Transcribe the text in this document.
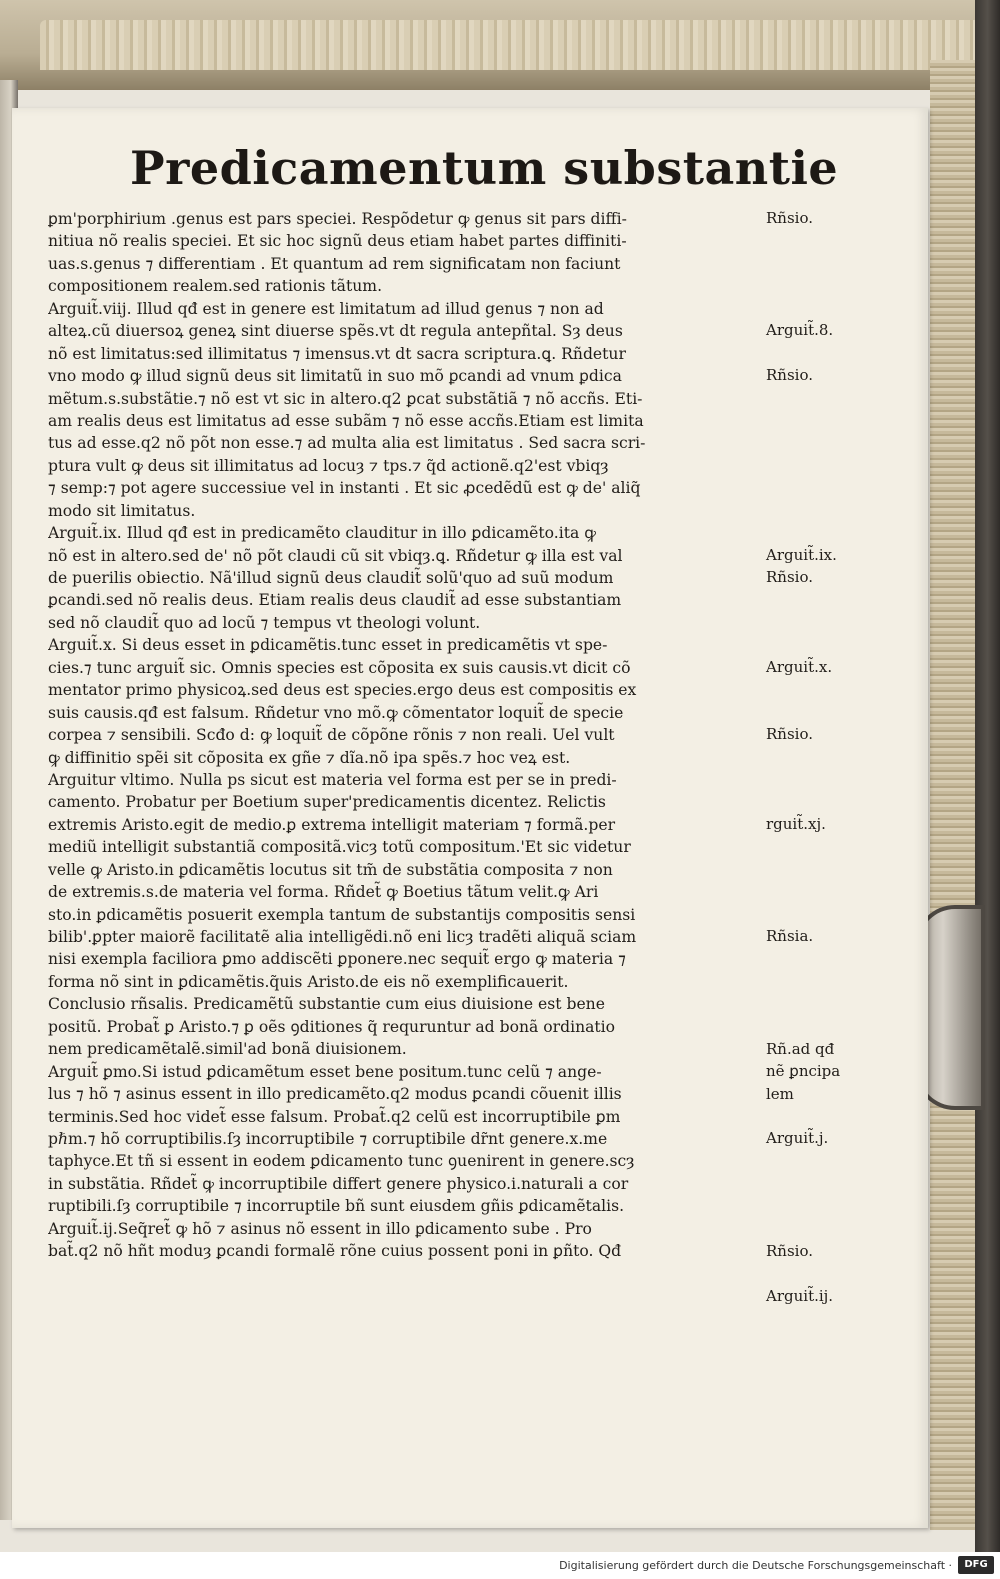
Predicamentum substantie
ꝑm'porphirium .genus est pars speciei. Respõdetur ꝙ genus sit pars diffi-
nitiua nõ realis speciei. Et sic hoc signũ deus etiam habet partes diffiniti-
uas.s.genus ⁊ differentiam . Et quantum ad rem significatam non faciunt
compositionem realem.sed rationis tãtum.
Arguit̃.viij. Illud qđ est in genere est limitatum ad illud genus ⁊ non ad
alteꝝ.cũ diuersoꝝ geneꝝ sint diuerse spẽs.vt dt regula antepñtal. Sȝ deus
nõ est limitatus:sed illimitatus ⁊ imensus.vt dt sacra scriptura.ꝗ. Rñdetur
vno modo ꝙ illud signũ deus sit limitatũ in suo mõ ꝑcandi ad vnum ꝑdica
mẽtum.s.substãtie.⁊ nõ est vt sic in altero.q2 ꝑcat substãtiã ⁊ nõ accñs. Eti-
am realis deus est limitatus ad esse subãm ⁊ nõ esse accñs.Etiam est limita
tus ad esse.q2 nõ põt non esse.⁊ ad multa alia est limitatus . Sed sacra scri-
ptura vult ꝙ deus sit illimitatus ad locuȝ ⁊ tps.⁊ q̃d actionẽ.q2'est vbiqȝ
⁊ semp:⁊ pot agere successiue vel in instanti . Et sic ꝓcedẽdũ est ꝙ de' aliq̃
modo sit limitatus.
Arguit̃.ix. Illud qđ est in predicamẽto clauditur in illo ꝑdicamẽto.ita ꝙ
nõ est in altero.sed de' nõ põt claudi cũ sit vbiqȝ.ꝗ. Rñdetur ꝙ illa est val
de puerilis obiectio. Nã'illud signũ deus claudit̃ solũ'quo ad suũ modum
ꝑcandi.sed nõ realis deus. Etiam realis deus claudit̃ ad esse substantiam
sed nõ claudit̃ quo ad locũ ⁊ tempus vt theologi volunt.
Arguit̃.x. Si deus esset in ꝑdicamẽtis.tunc esset in predicamẽtis vt spe-
cies.⁊ tunc arguit̃ sic. Omnis species est cõposita ex suis causis.vt dicit cõ
mentator primo physicoꝝ.sed deus est species.ergo deus est compositis ex
suis causis.qđ est falsum. Rñdetur vno mõ.ꝙ cõmentator loquit̃ de specie
corpea ⁊ sensibili. Scđo d: ꝙ loquit̃ de cõpõne rõnis ⁊ non reali. Uel vult
ꝙ diffinitio spẽi sit cõposita ex gñe ⁊ dĩa.nõ ipa spẽs.⁊ hoc veꝝ est.
Arguitur vltimo. Nulla ps sicut est materia vel forma est per se in predi-
camento. Probatur per Boetium super'predicamentis dicentez. Relictis
extremis Aristo.egit de medio.ꝑ extrema intelligit materiam ⁊ formã.per
mediũ intelligit substantiã compositã.vicȝ totũ compositum.'Et sic videtur
velle ꝙ Aristo.in ꝑdicamẽtis locutus sit tm̃ de substãtia composita ⁊ non
de extremis.s.de materia vel forma. Rñdet̃ ꝙ Boetius tãtum velit.ꝙ Ari
sto.in ꝑdicamẽtis posuerit exempla tantum de substantijs compositis sensi
bilib'.ꝑpter maiorẽ facilitatẽ alia intelligẽdi.nõ eni licȝ tradẽti aliquã sciam
nisi exempla faciliora ꝑmo addiscẽti ꝑponere.nec sequit̃ ergo ꝙ materia ⁊
forma nõ sint in ꝑdicamẽtis.q̃uis Aristo.de eis nõ exemplificauerit.
Conclusio rñsalis. Predicamẽtũ substantie cum eius diuisione est bene
positũ. Probat̃ ꝑ Aristo.⁊ ꝑ oẽs ꝯditiones q̃ requruntur ad bonã ordinatio
nem predicamẽtalẽ.simil'ad bonã diuisionem.
Arguit̃ ꝑmo.Si istud ꝑdicamẽtum esset bene positum.tunc celũ ⁊ ange-
lus ⁊ hõ ⁊ asinus essent in illo predicamẽto.q2 modus ꝑcandi cõuenit illis
terminis.Sed hoc videt̃ esse falsum. Probat̃.q2 celũ est incorruptibile ꝑm
pℏm.⁊ hõ corruptibilis.ſȝ incorruptibile ⁊ corruptibile dr̃nt genere.x.me
taphyce.Et tñ si essent in eodem ꝑdicamento tunc ꝯuenirent in genere.scȝ
in substãtia. Rñdet̃ ꝙ incorruptibile differt genere physico.i.naturali a cor
ruptibili.ſȝ corruptibile ⁊ incorruptile bñ sunt eiusdem gñis ꝑdicamẽtalis.
Arguit̃.ij.Seq̃ret̃ ꝙ hõ ⁊ asinus nõ essent in illo ꝑdicamento sube . Pro
bat̃.q2 nõ hñt moduȝ ꝑcandi formalẽ rõne cuius possent poni in ꝑñto. Qđ
Rñsio.
Arguit̃.8.
Rñsio.
Arguit̃.ix.
Rñsio.
Arguit̃.x.
Rñsio.
rguit̃.xj.
Rñsia.
Rñ.ad qđ
nẽ ꝑncipa
lem
Arguit̃.j.
Rñsio.
Arguit̃.ij.
Digitalisierung gefördert durch die Deutsche Forschungsgemeinschaft ·	DFG
